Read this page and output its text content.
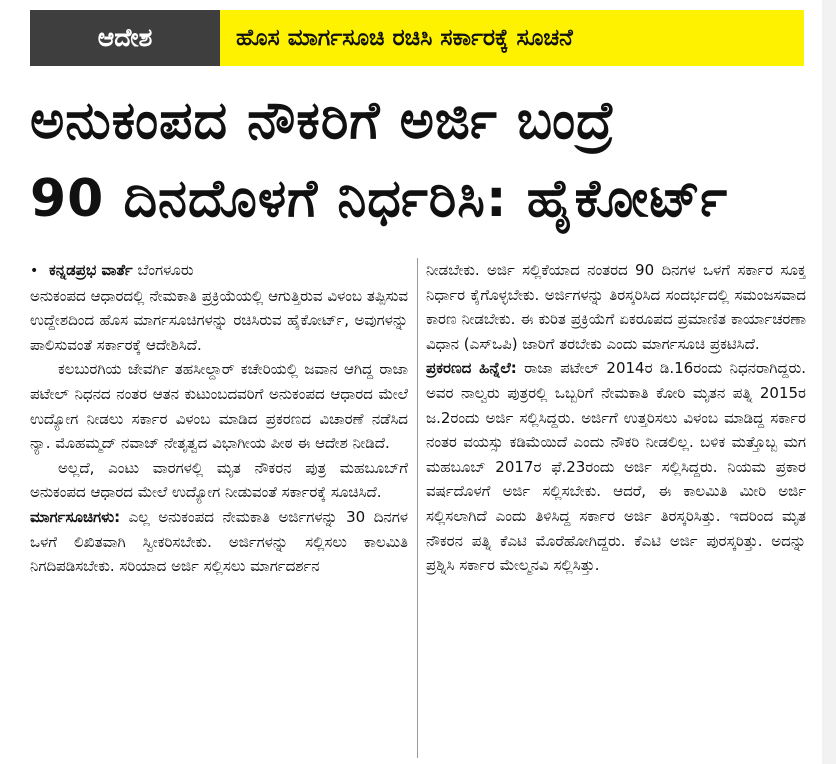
ಆದೇಶ	ಹೊಸ ಮಾರ್ಗಸೂಚಿ ರಚಿಸಿ ಸರ್ಕಾರಕ್ಕೆ ಸೂಚನೆ
ಅನುಕಂಪದ ನೌಕರಿಗೆ ಅರ್ಜಿ ಬಂದ್ರೆ
90 ದಿನದೊಳಗೆ ನಿರ್ಧರಿಸಿ: ಹೈಕೋರ್ಟ್

• ಕನ್ನಡಪ್ರಭ ವಾರ್ತೆ ಬೆಂಗಳೂರು

ಅನುಕಂಪದ ಆಧಾರದಲ್ಲಿ ನೇಮಕಾತಿ ಪ್ರಕ್ರಿಯೆಯಲ್ಲಿ ಆಗುತ್ತಿರುವ ವಿಳಂಬ ತಪ್ಪಿಸುವ ಉದ್ದೇಶದಿಂದ ಹೊಸ ಮಾರ್ಗಸೂಚಿಗಳನ್ನು ರಚಿಸಿರುವ ಹೈಕೋರ್ಟ್, ಅವುಗಳನ್ನು ಪಾಲಿಸುವಂತೆ ಸರ್ಕಾರಕ್ಕೆ ಆದೇಶಿಸಿದೆ.

ಕಲಬುರಗಿಯ ಜೇವರ್ಗಿ ತಹಸೀಲ್ದಾರ್ ಕಚೇರಿಯಲ್ಲಿ ಜವಾನ ಆಗಿದ್ದ ರಾಜಾ ಪಟೇಲ್ ನಿಧನದ ನಂತರ ಆತನ ಕುಟುಂಬದವರಿಗೆ ಅನುಕಂಪದ ಆಧಾರದ ಮೇಲೆ ಉದ್ಯೋಗ ನೀಡಲು ಸರ್ಕಾರ ವಿಳಂಬ ಮಾಡಿದ ಪ್ರಕರಣದ ವಿಚಾರಣೆ ನಡೆಸಿದ ನ್ಯಾ. ಮೊಹಮ್ಮದ್ ನವಾಜ್ ನೇತೃತ್ವದ ವಿಭಾಗೀಯ ಪೀಠ ಈ ಆದೇಶ ನೀಡಿದೆ.

ಅಲ್ಲದೆ, ಎಂಟು ವಾರಗಳಲ್ಲಿ ಮೃತ ನೌಕರನ ಪುತ್ರ ಮಹಬೂಬ್‌ಗೆ ಅನುಕಂಪದ ಆಧಾರದ ಮೇಲೆ ಉದ್ಯೋಗ ನೀಡುವಂತೆ ಸರ್ಕಾರಕ್ಕೆ ಸೂಚಿಸಿದೆ.

ಮಾರ್ಗಸೂಚಿಗಳು: ಎಲ್ಲ ಅನುಕಂಪದ ನೇಮಕಾತಿ ಅರ್ಜಿಗಳನ್ನು 30 ದಿನಗಳ ಒಳಗೆ ಲಿಖಿತವಾಗಿ ಸ್ವೀಕರಿಸಬೇಕು. ಅರ್ಜಿಗಳನ್ನು ಸಲ್ಲಿಸಲು ಕಾಲಮಿತಿ ನಿಗದಿಪಡಿಸಬೇಕು. ಸರಿಯಾದ ಅರ್ಜಿ ಸಲ್ಲಿಸಲು ಮಾರ್ಗದರ್ಶನ

ನೀಡಬೇಕು. ಅರ್ಜಿ ಸಲ್ಲಿಕೆಯಾದ ನಂತರದ 90 ದಿನಗಳ ಒಳಗೆ ಸರ್ಕಾರ ಸೂಕ್ತ ನಿರ್ಧಾರ ಕೈಗೊಳ್ಳಬೇಕು. ಅರ್ಜಿಗಳನ್ನು ತಿರಸ್ಕರಿಸಿದ ಸಂದರ್ಭದಲ್ಲಿ ಸಮಂಜಸವಾದ ಕಾರಣ ನೀಡಬೇಕು. ಈ ಕುರಿತ ಪ್ರಕ್ರಿಯೆಗೆ ಏಕರೂಪದ ಪ್ರಮಾಣಿತ ಕಾರ್ಯಾಚರಣಾ ವಿಧಾನ (ಎಸ್‌ಒಪಿ) ಜಾರಿಗೆ ತರಬೇಕು ಎಂದು ಮಾರ್ಗಸೂಚಿ ಪ್ರಕಟಿಸಿದೆ.

ಪ್ರಕರಣದ ಹಿನ್ನೆಲೆ: ರಾಜಾ ಪಟೇಲ್ 2014ರ ಡಿ.16ರಂದು ನಿಧನರಾಗಿದ್ದರು. ಅವರ ನಾಲ್ವರು ಪುತ್ರರಲ್ಲಿ ಒಬ್ಬರಿಗೆ ನೇಮಕಾತಿ ಕೋರಿ ಮೃತನ ಪತ್ನಿ 2015ರ ಜ.2ರಂದು ಅರ್ಜಿ ಸಲ್ಲಿಸಿದ್ದರು. ಅರ್ಜಿಗೆ ಉತ್ತರಿಸಲು ವಿಳಂಬ ಮಾಡಿದ್ದ ಸರ್ಕಾರ ನಂತರ ವಯಸ್ಸು ಕಡಿಮೆಯಿದೆ ಎಂದು ನೌಕರಿ ನೀಡಲಿಲ್ಲ. ಬಳಿಕ ಮತ್ತೊಬ್ಬ ಮಗ ಮಹಬೂಬ್ 2017ರ ಫೆ.23ರಂದು ಅರ್ಜಿ ಸಲ್ಲಿಸಿದ್ದರು. ನಿಯಮ ಪ್ರಕಾರ ವರ್ಷದೊಳಗೆ ಅರ್ಜಿ ಸಲ್ಲಿಸಬೇಕು. ಆದರೆ, ಈ ಕಾಲಮಿತಿ ಮೀರಿ ಅರ್ಜಿ ಸಲ್ಲಿಸಲಾಗಿದೆ ಎಂದು ತಿಳಿಸಿದ್ದ ಸರ್ಕಾರ ಅರ್ಜಿ ತಿರಸ್ಕರಿಸಿತ್ತು. ಇದರಿಂದ ಮೃತ ನೌಕರನ ಪತ್ನಿ ಕೆಎಟಿ ಮೊರೆಹೋಗಿದ್ದರು. ಕೆಎಟಿ ಅರ್ಜಿ ಪುರಸ್ಕರಿತ್ತು. ಅದನ್ನು ಪ್ರಶ್ನಿಸಿ ಸರ್ಕಾರ ಮೇಲ್ಮನವಿ ಸಲ್ಲಿಸಿತ್ತು.
